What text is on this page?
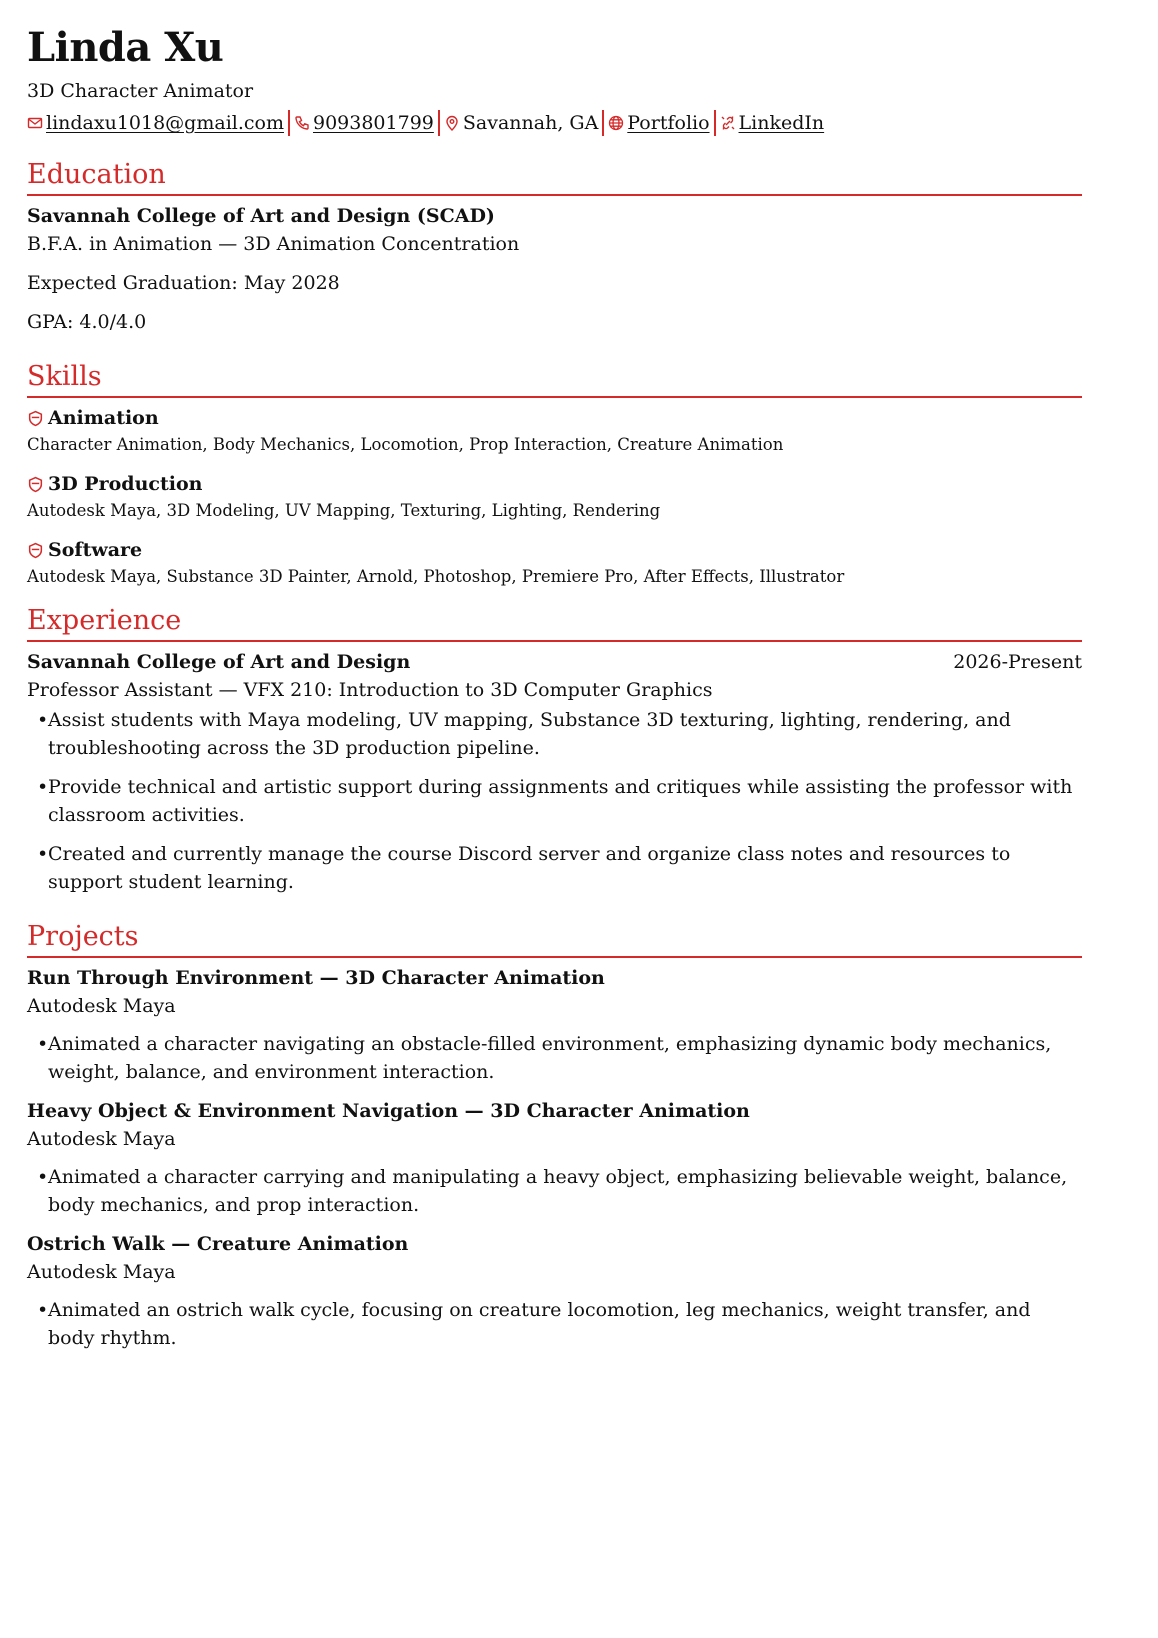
Linda Xu
3D Character Animator
lindaxu1018@gmail.com 9093801799 Savannah, GA Portfolio LinkedIn
Education
Savannah College of Art and Design (SCAD)
B.F.A. in Animation — 3D Animation Concentration
Expected Graduation: May 2028
GPA: 4.0/4.0
Skills
Animation
Character Animation, Body Mechanics, Locomotion, Prop Interaction, Creature Animation
3D Production
Autodesk Maya, 3D Modeling, UV Mapping, Texturing, Lighting, Rendering
Software
Autodesk Maya, Substance 3D Painter, Arnold, Photoshop, Premiere Pro, After Effects, Illustrator
Experience
Savannah College of Art and Design	2026-Present
Professor Assistant — VFX 210: Introduction to 3D Computer Graphics
• Assist students with Maya modeling, UV mapping, Substance 3D texturing, lighting, rendering, and troubleshooting across the 3D production pipeline.
• Provide technical and artistic support during assignments and critiques while assisting the professor with classroom activities.
• Created and currently manage the course Discord server and organize class notes and resources to support student learning.
Projects
Run Through Environment — 3D Character Animation
Autodesk Maya
• Animated a character navigating an obstacle-filled environment, emphasizing dynamic body mechanics, weight, balance, and environment interaction.
Heavy Object & Environment Navigation — 3D Character Animation
Autodesk Maya
• Animated a character carrying and manipulating a heavy object, emphasizing believable weight, balance, body mechanics, and prop interaction.
Ostrich Walk — Creature Animation
Autodesk Maya
• Animated an ostrich walk cycle, focusing on creature locomotion, leg mechanics, weight transfer, and body rhythm.
